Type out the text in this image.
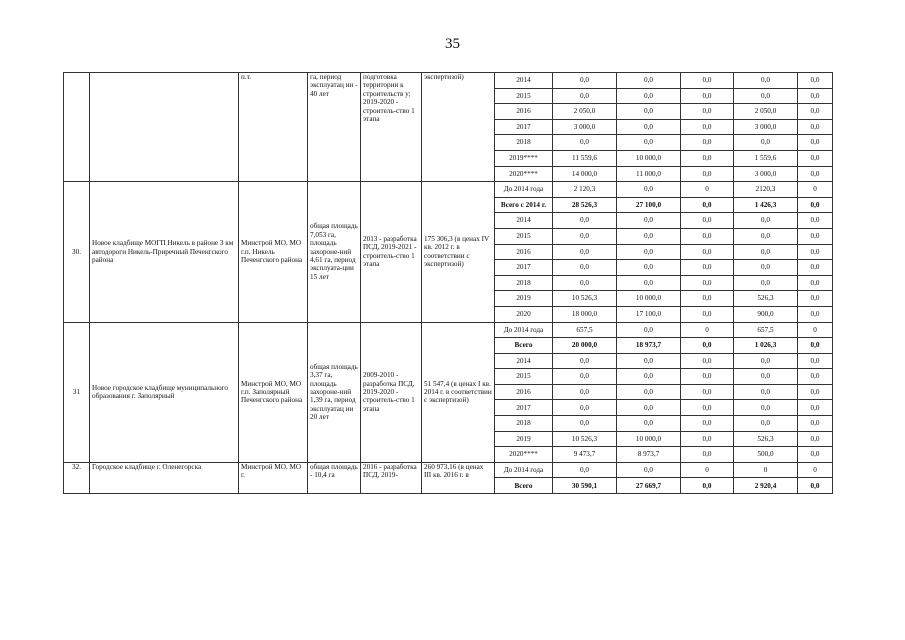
35
		п.т.	га, период эксплуатац ии - 40 лет	подготовка территории к строительств у; 2019-2020 - строитель-ство 1 этапа	экспертизой)	2014	0,0	0,0	0,0	0,0	0,0
						2015	0,0	0,0	0,0	0,0	0,0
						2016	2 050,0	0,0	0,0	2 050,0	0,0
						2017	3 000,0	0,0	0,0	3 000,0	0,0
						2018	0,0	0,0	0,0	0,0	0,0
						2019****	11 559,6	10 000,0	0,0	1 559,6	0,0
						2020****	14 000,0	11 000,0	0,0	3 000,0	0,0
30.	Новое кладбище МОГП Никель в районе 3 км автодороги Никель-Приречный Печенгского района	Минстрой МО, МО г.п. Никель Печенгского района	общая площадь 7,053 га, площадь захороне-ний 4,61 га, период эксплуата-ции 15 лет	2013 - разработка ПСД, 2019-2021 - строитель-ство 1 этапа	175 306,3 (в ценах IV кв. 2012 г. в соответствии с экспертизой)	До 2014 года	2 120,3	0,0	0	2120,3	0
						Всего с 2014 г.	28 526,3	27 100,0	0,0	1 426,3	0,0
						2014	0,0	0,0	0,0	0,0	0,0
						2015	0,0	0,0	0,0	0,0	0,0
						2016	0,0	0,0	0,0	0,0	0,0
						2017	0,0	0,0	0,0	0,0	0,0
						2018	0,0	0,0	0,0	0,0	0,0
						2019	10 526,3	10 000,0	0,0	526,3	0,0
						2020	18 000,0	17 100,0	0,0	900,0	0,0
31	Новое городское кладбище муниципального образования г. Заполярный	Минстрой МО, МО г.п. Заполярный Печенгского района	общая площадь 3,37 га, площадь захороне-ний 1,39 га, период эксплуатац ии 20 лет	2009-2010 - разработка ПСД, 2019-2020 - строитель-ство 1 этапа	51 547,4 (в ценах I кв. 2014 г. в соответствии с экспертизой)	До 2014 года	657,5	0,0	0	657,5	0
						Всего	20 000,0	18 973,7	0,0	1 026,3	0,0
						2014	0,0	0,0	0,0	0,0	0,0
						2015	0,0	0,0	0,0	0,0	0,0
						2016	0,0	0,0	0,0	0,0	0,0
						2017	0,0	0,0	0,0	0,0	0,0
						2018	0,0	0,0	0,0	0,0	0,0
						2019	10 526,3	10 000,0	0,0	526,3	0,0
						2020****	9 473,7	8 973,7	0,0	500,0	0,0
32.	Городское кладбище г. Оленегорска	Минстрой МО, МО г.	общая площадь - 10,4 га	2016 - разработка ПСД, 2019-	260 973,16 (в ценах III кв. 2016 г. в	До 2014 года	0,0	0,0	0	0	0
						Всего	30 590,1	27 669,7	0,0	2 920,4	0,0
